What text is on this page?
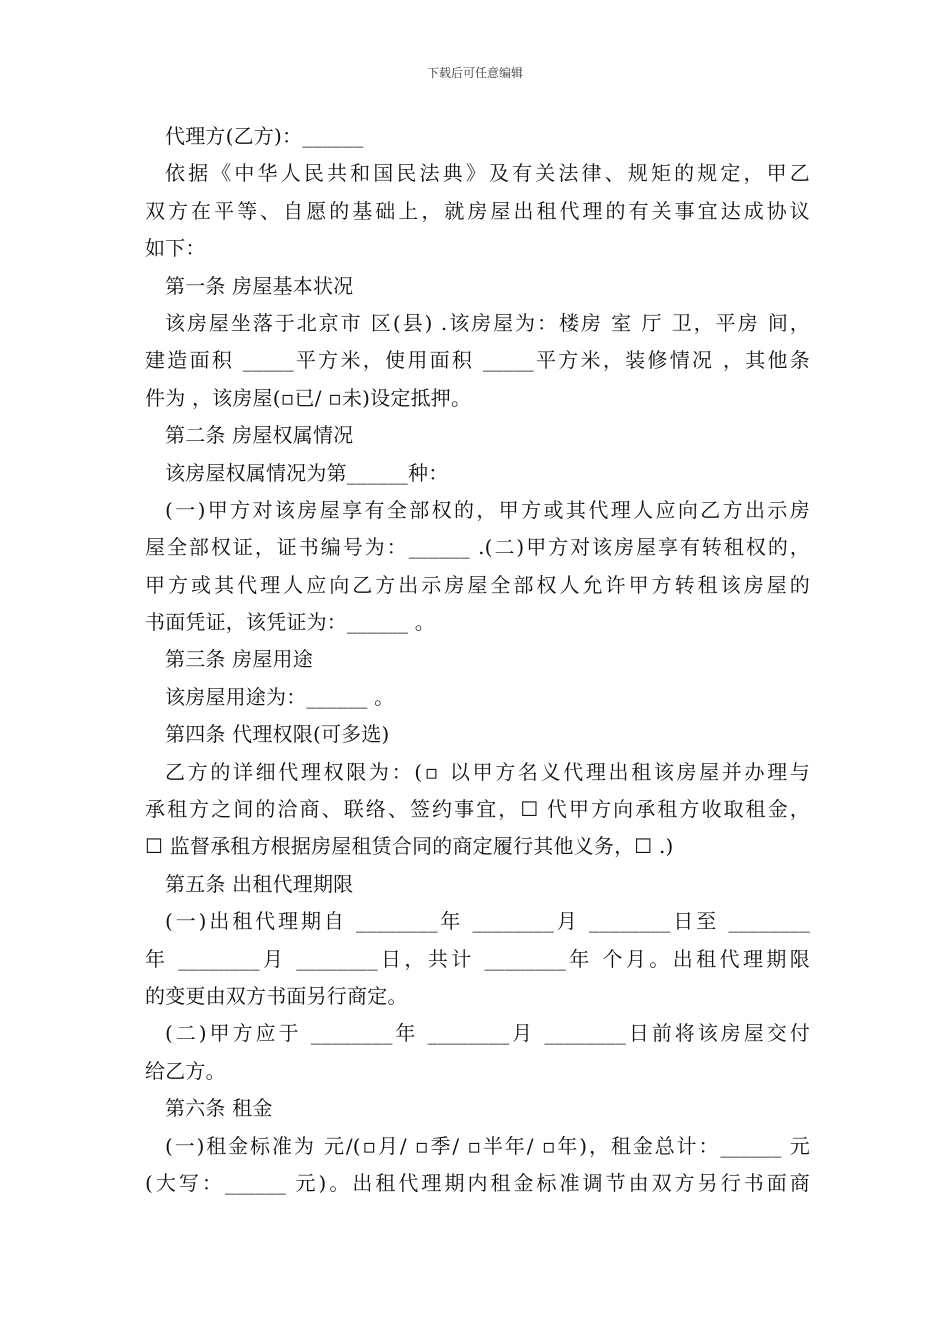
下载后可任意编辑
代理方(乙方)：______
依据《中华人民共和国民法典》及有关法律、规矩的规定，甲乙
双方在平等、自愿的基础上，就房屋出租代理的有关事宜达成协议
如下：
第一条 房屋基本状况
该房屋坐落于北京市 区(县) .该房屋为：楼房 室 厅 卫，平房 间，
建造面积 _____平方米，使用面积 _____平方米，装修情况 ，其他条
件为 ，该房屋(▫已/ ▫未)设定抵押。
第二条 房屋权属情况
该房屋权属情况为第______种：
(一)甲方对该房屋享有全部权的，甲方或其代理人应向乙方出示房
屋全部权证，证书编号为：______ .(二)甲方对该房屋享有转租权的，
甲方或其代理人应向乙方出示房屋全部权人允许甲方转租该房屋的
书面凭证，该凭证为：______ 。
第三条 房屋用途
该房屋用途为：______ 。
第四条 代理权限(可多选)
乙方的详细代理权限为：(▫ 以甲方名义代理出租该房屋并办理与
承租方之间的洽商、联络、签约事宜，☐ 代甲方向承租方收取租金，
☐ 监督承租方根据房屋租赁合同的商定履行其他义务，☐ .)
第五条 出租代理期限
(一)出租代理期自 ________年 ________月 ________日至 ________
年 ________月 ________日，共计 ________年 个月。出租代理期限
的变更由双方书面另行商定。
(二)甲方应于 ________年 ________月 ________日前将该房屋交付
给乙方。
第六条 租金
(一)租金标准为 元/(▫月/ ▫季/ ▫半年/ ▫年)，租金总计：______ 元
(大写：______ 元)。出租代理期内租金标准调节由双方另行书面商
